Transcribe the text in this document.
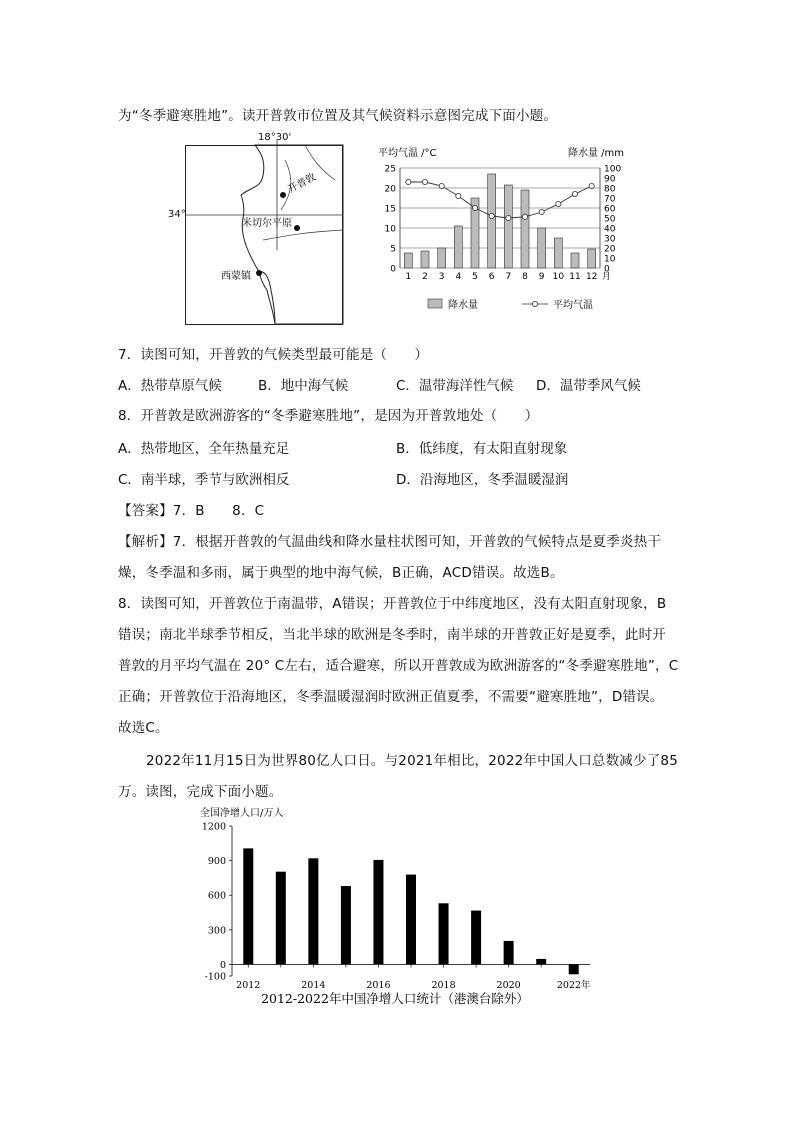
为“冬季避寒胜地”。读开普敦市位置及其气候资料示意图完成下面小题。
开普敦
米切尔平原
西蒙镇
18°30'
34°
平均气温 /°C	降水量 /mm
0
5
10
15
20
25
0
10
20
30
40
50
60
70
80
90
100
1 2 3 4 5 6 7 8 9 10 11 12 月
降水量	平均气温
7．读图可知，开普敦的气候类型最可能是（　　）
A．热带草原气候	B．地中海气候	C．温带海洋性气候 D．温带季风气候
8．开普敦是欧洲游客的“冬季避寒胜地”，是因为开普敦地处（　　）
A．热带地区，全年热量充足	B．低纬度，有太阳直射现象
C．南半球，季节与欧洲相反	D．沿海地区，冬季温暖湿润
【答案】7．B　　8．C
【解析】7．根据开普敦的气温曲线和降水量柱状图可知，开普敦的气候特点是夏季炎热干
燥，冬季温和多雨，属于典型的地中海气候，B正确，ACD错误。故选B。
8．读图可知，开普敦位于南温带，A错误；开普敦位于中纬度地区，没有太阳直射现象，B
错误；南北半球季节相反，当北半球的欧洲是冬季时，南半球的开普敦正好是夏季，此时开
普敦的月平均气温在 20° C左右，适合避寒，所以开普敦成为欧洲游客的“冬季避寒胜地”，C
正确；开普敦位于沿海地区，冬季温暖湿润时欧洲正值夏季，不需要“避寒胜地”，D错误。
故选C。
2022年11月15日为世界80亿人口日。与2021年相比，2022年中国人口总数减少了85
万。读图，完成下面小题。
全国净增人口/万人
-100
0
300
600
900
1200
2012	2014	2016	2018	2020	2022年
2012-2022年中国净增人口统计（港澳台除外）
